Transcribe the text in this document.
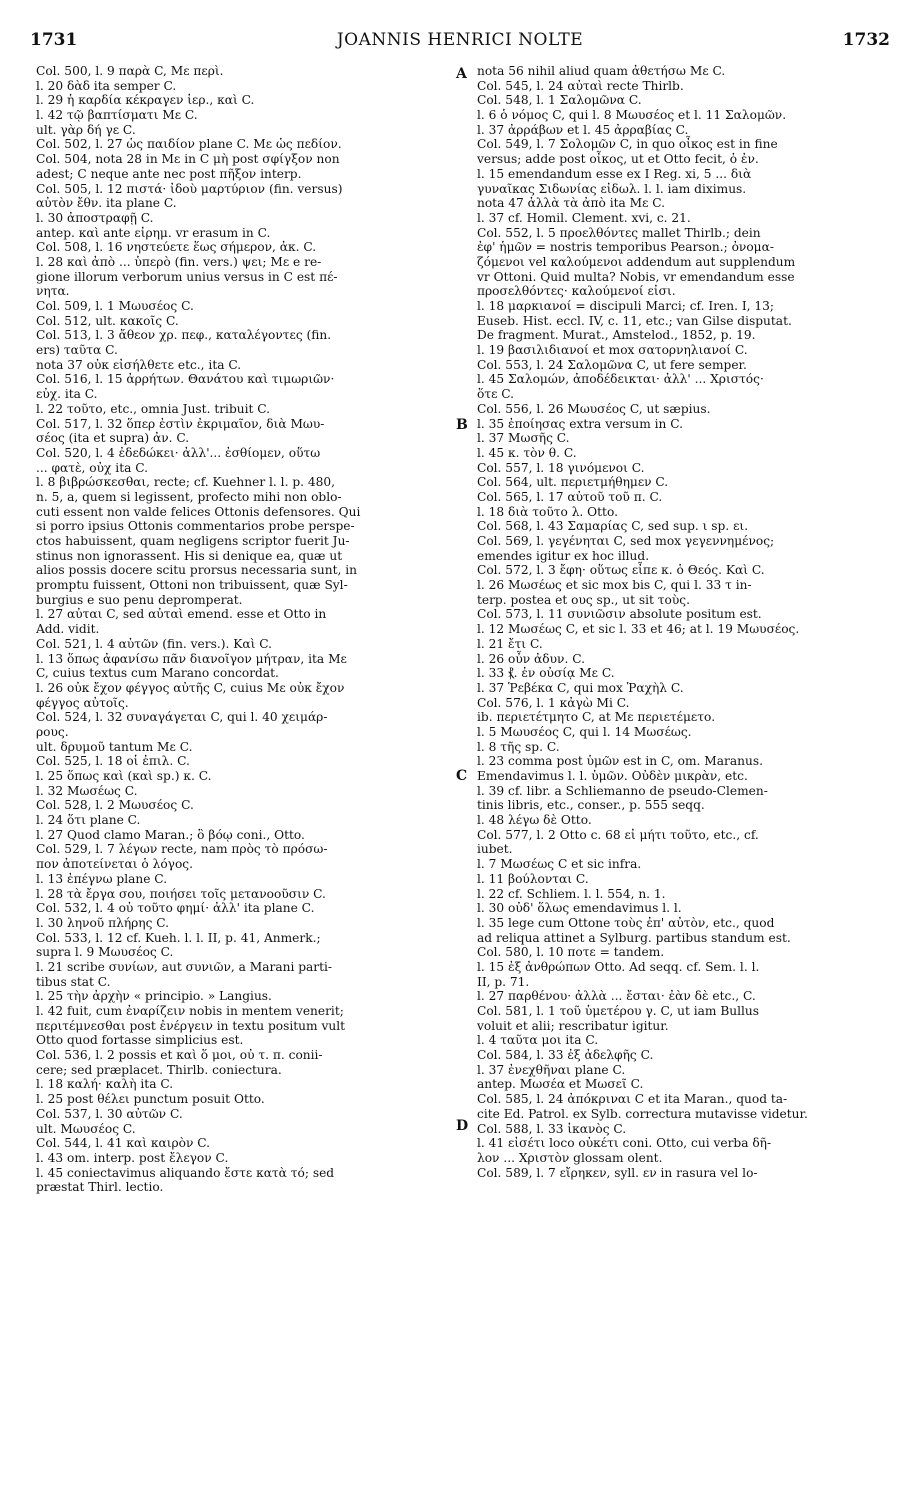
1731	JOANNIS HENRICI NOLTE	1732
A
B
C
D
Col. 500, l. 9 παρὰ C, Με περὶ.
l. 20 δὰδ ita semper C.
l. 29 ἡ καρδία κέκραγεν ἱερ., καὶ C.
l. 42 τῷ βαπτίσματι Με C.
ult. γὰρ δή γε C.
Col. 502, l. 27 ὡς παιδίον plane C. Με ὡς πεδίον.
Col. 504, nota 28 in Με in C μὴ post σφίγξον non
adest; C neque ante nec post πῆξον interp.
Col. 505, l. 12 πιστά· ἰδοὺ μαρτύριον (fin. versus)
αὐτὸν ἔθν. ita plane C.
l. 30 ἀποστραφῇ C.
antep. καὶ ante εἰρημ. vr erasum in C.
Col. 508, l. 16 νηστεύετε ἕως σήμερον, ἀκ. C.
l. 28 καὶ ἀπὸ ... ὑπερὸ (fin. vers.) ψει; Με e re-
gione illorum verborum unius versus in C est πέ-
νητα.
Col. 509, l. 1 Μωυσέος C.
Col. 512, ult. κακοῖς C.
Col. 513, l. 3 ἄθεον χρ. πεφ., καταλέγοντες (fin.
ers) ταῦτα C.
nota 37 οὐκ εἰσήλθετε etc., ita C.
Col. 516, l. 15 ἀρρήτων. Θανάτου καὶ τιμωριῶν·
εὐχ. ita C.
l. 22 τοῦτο, etc., omnia Just. tribuit C.
Col. 517, l. 32 ὅπερ ἐστὶν ἐκριμαῖον, διὰ Μωυ-
σέος (ita et supra) ἀν. C.
Col. 520, l. 4 ἐδεδώκει· ἀλλ'... ἐσθίομεν, οὕτω
... φατὲ, οὐχ ita C.
l. 8 βιβρώσκεσθαι, recte; cf. Kuehner l. l. p. 480,
n. 5, a, quem si legissent, profecto mihi non oblo-
cuti essent non valde felices Ottonis defensores. Qui
si porro ipsius Ottonis commentarios probe perspe-
ctos habuissent, quam negligens scriptor fuerit Ju-
stinus non ignorassent. His si denique ea, quæ ut
alios possis docere scitu prorsus necessaria sunt, in
promptu fuissent, Ottoni non tribuissent, quæ Syl-
burgius e suo penu depromperat.
l. 27 αὐται C, sed αὐταὶ emend. esse et Otto in
Add. vidit.
Col. 521, l. 4 αὐτῶν (fin. vers.). Καὶ C.
l. 13 ὅπως ἀφανίσω πᾶν διανοῖγον μήτραν, ita Με
C, cuius textus cum Marano concordat.
l. 26 οὐκ ἔχον φέγγος αὐτῆς C, cuius Με οὐκ ἔχον
φέγγος αὐτοῖς.
Col. 524, l. 32 συναγάγεται C, qui l. 40 χειμάρ-
ρους.
ult. δρυμοῦ tantum Με C.
Col. 525, l. 18 οἱ ἐπιλ. C.
l. 25 ὅπως καὶ (καὶ sp.) κ. C.
l. 32 Μωσέως C.
Col. 528, l. 2 Μωυσέος C.
l. 24 ὅτι plane C.
l. 27 Quod clamo Maran.; ὃ βόῳ coni., Otto.
Col. 529, l. 7 λέγων recte, nam πρὸς τὸ πρόσω-
πον ἀποτείνεται ὁ λόγος.
l. 13 ἐπέγνω plane C.
l. 28 τὰ ἔργα σου, ποιήσει τοῖς μετανοοῦσιν C.
Col. 532, l. 4 οὐ τοῦτο φημί· ἀλλ' ita plane C.
l. 30 ληνοῦ πλήρης C.
Col. 533, l. 12 cf. Kueh. l. l. II, p. 41, Anmerk.;
supra l. 9 Μωυσέος C.
l. 21 scribe συνίων, aut συνιῶν, a Marani parti-
tibus stat C.
l. 25 τὴν ἀρχὴν « principio. » Langius.
l. 42 fuit, cum ἐναρίζειν nobis in mentem venerit;
περιτέμνεσθαι post ἐνέργειν in textu positum vult
Otto quod fortasse simplicius est.
Col. 536, l. 2 possis et καὶ ὅ μοι, οὐ τ. π. conii-
cere; sed præplacet. Thirlb. coniectura.
l. 18 καλή· καλὴ ita C.
l. 25 post θέλει punctum posuit Otto.
Col. 537, l. 30 αὐτῶν C.
ult. Μωυσέος C.
Col. 544, l. 41 καὶ καιρὸν C.
l. 43 om. interp. post ἔλεγον C.
l. 45 coniectavimus aliquando ἔστε κατὰ τό; sed
præstat Thirl. lectio.
nota 56 nihil aliud quam ἀθετήσω Με C.
Col. 545, l. 24 αὐταὶ recte Thirlb.
Col. 548, l. 1 Σαλομῶνα C.
l. 6 ὁ νόμος C, qui l. 8 Μωυσέος et l. 11 Σαλομῶν.
l. 37 ἀρράβων et l. 45 ἀρραβίας C.
Col. 549, l. 7 Σολομῶν C, in quo οἶκος est in fine
versus; adde post οἶκος, ut et Otto fecit, ὁ ἐν.
l. 15 emendandum esse ex I Reg. xi, 5 ... διὰ
γυναῖκας Σιδωνίας εἰδωλ. l. l. iam diximus.
nota 47 ἀλλὰ τὰ ἀπὸ ita Με C.
l. 37 cf. Homil. Clement. xvi, c. 21.
Col. 552, l. 5 προελθόντες mallet Thirlb.; dein
ἐφ' ἡμῶν = nostris temporibus Pearson.; ὀνομα-
ζόμενοι vel καλούμενοι addendum aut supplendum
vr Ottoni. Quid multa? Nobis, vr emendandum esse
προσελθόντες· καλούμενοί εἰσι.
l. 18 μαρκιανοί = discipuli Marci; cf. Iren. I, 13;
Euseb. Hist. eccl. IV, c. 11, etc.; van Gilse disputat.
De fragment. Murat., Amstelod., 1852, p. 19.
l. 19 βασιλιδιανοί et mox σατορνηλιανοί C.
Col. 553, l. 24 Σαλομῶνα C, ut fere semper.
l. 45 Σαλομών, ἀποδέδεικται· ἀλλ' ... Χριστός·
ὅτε C.
Col. 556, l. 26 Μωυσέος C, ut sæpius.
l. 35 ἐποίησας extra versum in C.
l. 37 Μωσῆς C.
l. 45 κ. τὸν θ. C.
Col. 557, l. 18 γινόμενοι C.
Col. 564, ult. περιετμήθημεν C.
Col. 565, l. 17 αὐτοῦ τοῦ π. C.
l. 18 διὰ τοῦτο λ. Otto.
Col. 568, l. 43 Σαμαρίας C, sed sup. ι sp. ει.
Col. 569, l. γεγένηται C, sed mox γεγεννημένος;
emendes igitur ex hoc illud.
Col. 572, l. 3 ἔφη· οὕτως εἶπε κ. ὁ Θεός. Καὶ C.
l. 26 Μωσέως et sic mox bis C, qui l. 33 τ in-
terp. postea et ους sp., ut sit τοὺς.
Col. 573, l. 11 συνιῶσιν absolute positum est.
l. 12 Μωσέως C, et sic l. 33 et 46; at l. 19 Μωυσέος.
l. 21 ἔτι C.
l. 26 οὖν ἀδυν. C.
l. 33 ⳩. ἐν οὐσίᾳ Με C.
l. 37 Ῥεβέκα C, qui mox Ῥαχὴλ C.
Col. 576, l. 1 κἀγὼ Mi C.
ib. περιετέτμητο C, at Με περιετέμετο.
l. 5 Μωυσέος C, qui l. 14 Μωσέως.
l. 8 τῆς sp. C.
l. 23 comma post ὑμῶν est in C, om. Maranus.
Emendavimus l. l. ὑμῶν. Οὐδὲν μικρὰν, etc.
l. 39 cf. libr. a Schliemanno de pseudo-Clemen-
tinis libris, etc., conser., p. 555 seqq.
l. 48 λέγω δὲ Otto.
Col. 577, l. 2 Otto c. 68 εἰ μήτι τοῦτο, etc., cf.
iubet.
l. 7 Μωσέως C et sic infra.
l. 11 βούλονται C.
l. 22 cf. Schliem. l. l. 554, n. 1.
l. 30 οὐδ' ὅλως emendavimus l. l.
l. 35 lege cum Ottone τοὺς ἐπ' αὐτὸν, etc., quod
ad reliqua attinet a Sylburg. partibus standum est.
Col. 580, l. 10 ποτε = tandem.
l. 15 ἐξ ἀνθρώπων Otto. Ad seqq. cf. Sem. l. l.
II, p. 71.
l. 27 παρθένου· ἀλλὰ ... ἔσται· ἐὰν δὲ etc., C.
Col. 581, l. 1 τοῦ ὑμετέρου γ. C, ut iam Bullus
voluit et alii; rescribatur igitur.
l. 4 ταῦτα μοι ita C.
Col. 584, l. 33 ἐξ ἀδελφῆς C.
l. 37 ἐνεχθῆναι plane C.
antep. Μωσέα et Μωσεῖ C.
Col. 585, l. 24 ἀπόκριναι C et ita Maran., quod ta-
cite Ed. Patrol. ex Sylb. correctura mutavisse videtur.
Col. 588, l. 33 ἱκανὸς C.
l. 41 εἰσέτι loco οὐκέτι coni. Otto, cui verba δῆ-
λον ... Χριστὸν glossam olent.
Col. 589, l. 7 εἴρηκεν, syll. εν in rasura vel lo-
